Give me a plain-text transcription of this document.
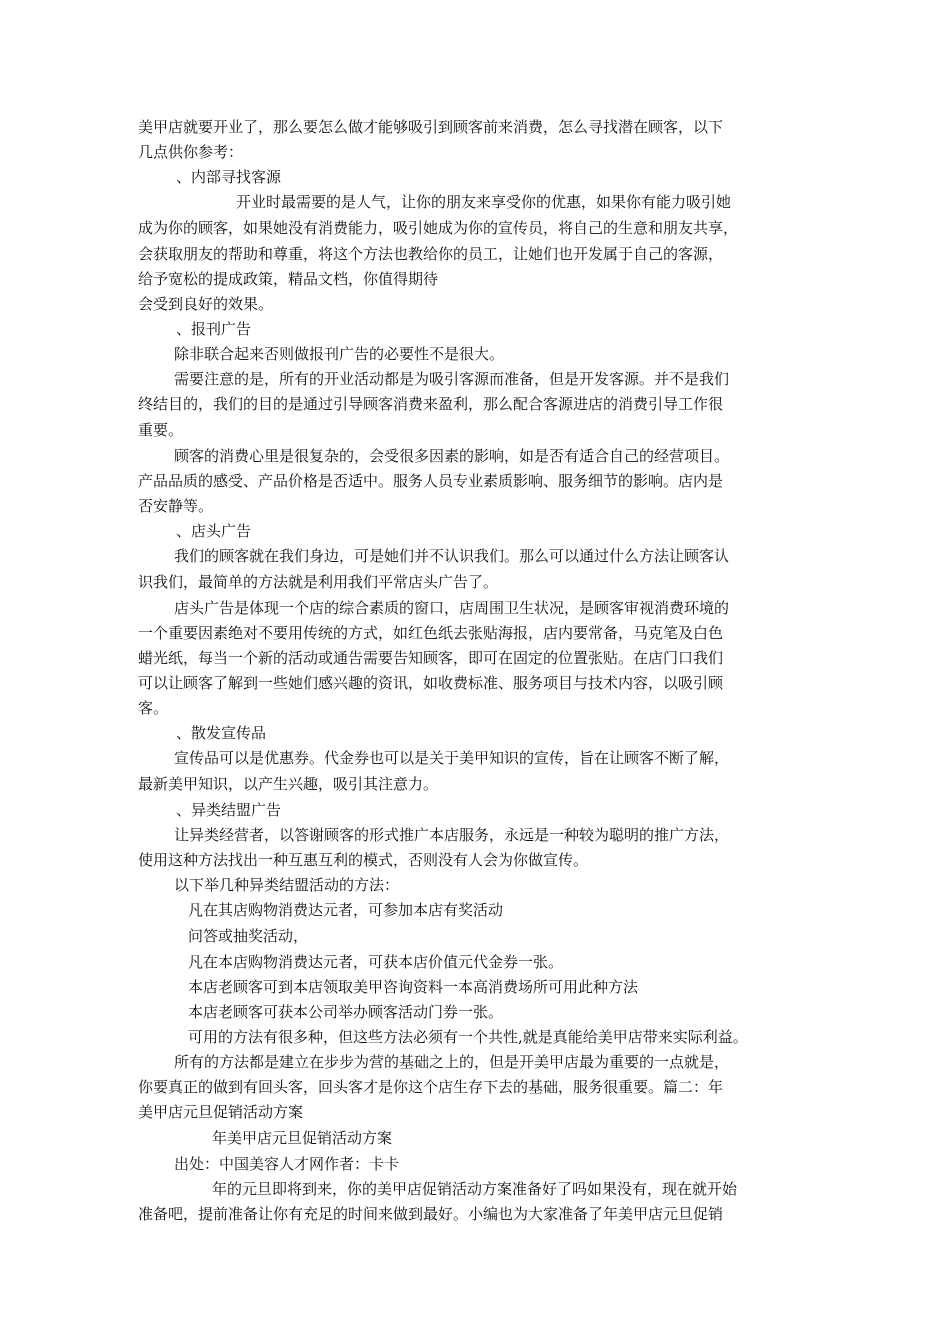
美甲店就要开业了，那么要怎么做才能够吸引到顾客前来消费，怎么寻找潜在顾客，以下
几点供你参考：
、内部寻找客源
开业时最需要的是人气，让你的朋友来享受你的优惠，如果你有能力吸引她
成为你的顾客，如果她没有消费能力，吸引她成为你的宣传员，将自己的生意和朋友共享，
会获取朋友的帮助和尊重，将这个方法也教给你的员工，让她们也开发属于自己的客源，
给予宽松的提成政策，精品文档，你值得期待
会受到良好的效果。
、报刊广告
除非联合起来否则做报刊广告的必要性不是很大。
需要注意的是，所有的开业活动都是为吸引客源而准备，但是开发客源。并不是我们
终结目的，我们的目的是通过引导顾客消费来盈利，那么配合客源进店的消费引导工作很
重要。
顾客的消费心里是很复杂的，会受很多因素的影响，如是否有适合自己的经营项目。
产品品质的感受、产品价格是否适中。服务人员专业素质影响、服务细节的影响。店内是
否安静等。
、店头广告
我们的顾客就在我们身边，可是她们并不认识我们。那么可以通过什么方法让顾客认
识我们，最简单的方法就是利用我们平常店头广告了。
店头广告是体现一个店的综合素质的窗口，店周围卫生状况，是顾客审视消费环境的
一个重要因素绝对不要用传统的方式，如红色纸去张贴海报，店内要常备，马克笔及白色
蜡光纸，每当一个新的活动或通告需要告知顾客，即可在固定的位置张贴。在店门口我们
可以让顾客了解到一些她们感兴趣的资讯，如收费标准、服务项目与技术内容，以吸引顾
客。
、散发宣传品
宣传品可以是优惠券。代金券也可以是关于美甲知识的宣传，旨在让顾客不断了解，
最新美甲知识，以产生兴趣，吸引其注意力。
、异类结盟广告
让异类经营者，以答谢顾客的形式推广本店服务，永远是一种较为聪明的推广方法，
使用这种方法找出一种互惠互利的模式，否则没有人会为你做宣传。
以下举几种异类结盟活动的方法：
凡在其店购物消费达元者，可参加本店有奖活动
问答或抽奖活动，
凡在本店购物消费达元者，可获本店价值元代金券一张。
本店老顾客可到本店领取美甲咨询资料一本高消费场所可用此种方法
本店老顾客可获本公司举办顾客活动门券一张。
可用的方法有很多种，但这些方法必须有一个共性,就是真能给美甲店带来实际利益。
所有的方法都是建立在步步为营的基础之上的，但是开美甲店最为重要的一点就是，
你要真正的做到有回头客，回头客才是你这个店生存下去的基础，服务很重要。篇二：年
美甲店元旦促销活动方案
年美甲店元旦促销活动方案
出处：中国美容人才网作者：卡卡
年的元旦即将到来，你的美甲店促销活动方案准备好了吗如果没有，现在就开始
准备吧，提前准备让你有充足的时间来做到最好。小编也为大家准备了年美甲店元旦促销
